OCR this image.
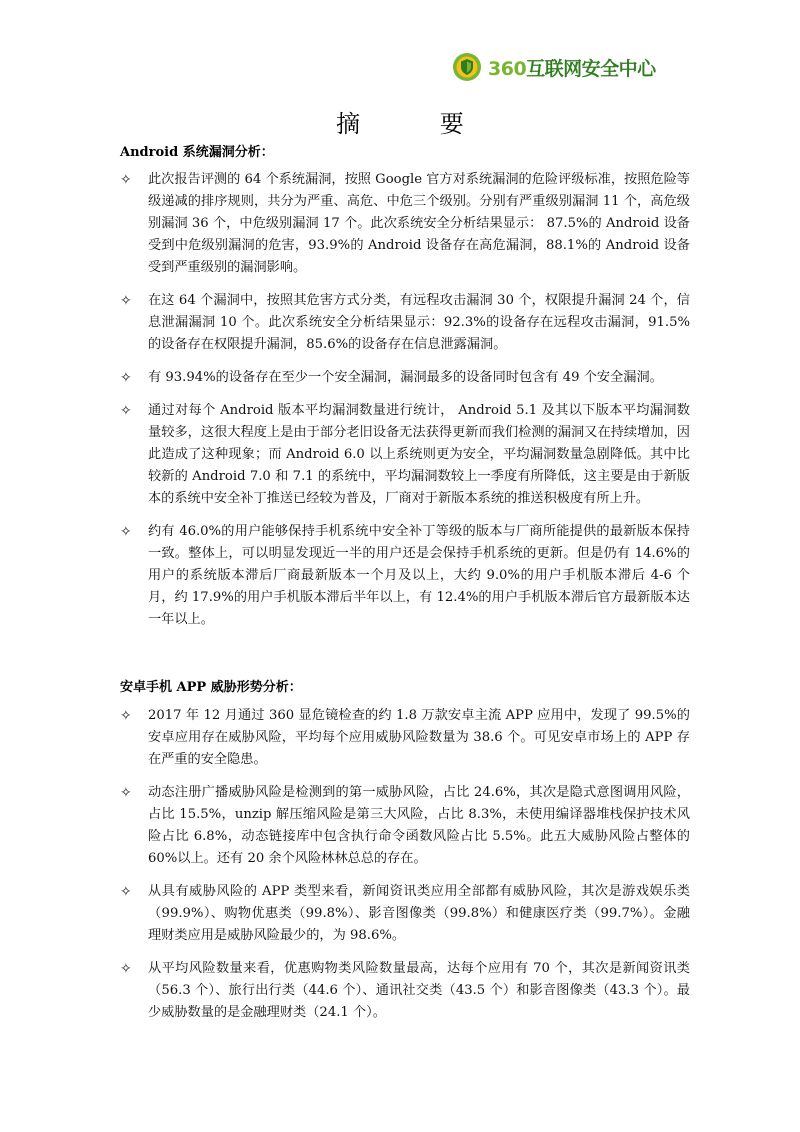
360互联网安全中心
摘 要
Android 系统漏洞分析：
✧ 此次报告评测的 64 个系统漏洞，按照 Google 官方对系统漏洞的危险评级标准，按照危险等级递减的排序规则，共分为严重、高危、中危三个级别。分别有严重级别漏洞 11 个，高危级别漏洞 36 个，中危级别漏洞 17 个。此次系统安全分析结果显示： 87.5%的 Android 设备受到中危级别漏洞的危害，93.9%的 Android 设备存在高危漏洞，88.1%的 Android 设备受到严重级别的漏洞影响。
✧ 在这 64 个漏洞中，按照其危害方式分类，有远程攻击漏洞 30 个，权限提升漏洞 24 个，信息泄漏漏洞 10 个。此次系统安全分析结果显示：92.3%的设备存在远程攻击漏洞，91.5%的设备存在权限提升漏洞，85.6%的设备存在信息泄露漏洞。
✧ 有 93.94%的设备存在至少一个安全漏洞，漏洞最多的设备同时包含有 49 个安全漏洞。
✧ 通过对每个 Android 版本平均漏洞数量进行统计， Android 5.1 及其以下版本平均漏洞数量较多，这很大程度上是由于部分老旧设备无法获得更新而我们检测的漏洞又在持续增加，因此造成了这种现象；而 Android 6.0 以上系统则更为安全，平均漏洞数量急剧降低。其中比较新的 Android 7.0 和 7.1 的系统中，平均漏洞数较上一季度有所降低，这主要是由于新版本的系统中安全补丁推送已经较为普及，厂商对于新版本系统的推送积极度有所上升。
✧ 约有 46.0%的用户能够保持手机系统中安全补丁等级的版本与厂商所能提供的最新版本保持一致。整体上，可以明显发现近一半的用户还是会保持手机系统的更新。但是仍有 14.6%的用户的系统版本滞后厂商最新版本一个月及以上，大约 9.0%的用户手机版本滞后 4-6 个月，约 17.9%的用户手机版本滞后半年以上，有 12.4%的用户手机版本滞后官方最新版本达一年以上。
安卓手机 APP 威胁形势分析：
✧ 2017 年 12 月通过 360 显危镜检查的约 1.8 万款安卓主流 APP 应用中，发现了 99.5%的安卓应用存在威胁风险，平均每个应用威胁风险数量为 38.6 个。可见安卓市场上的 APP 存在严重的安全隐患。
✧ 动态注册广播威胁风险是检测到的第一威胁风险，占比 24.6%，其次是隐式意图调用风险，占比 15.5%，unzip 解压缩风险是第三大风险，占比 8.3%，未使用编译器堆栈保护技术风险占比 6.8%，动态链接库中包含执行命令函数风险占比 5.5%。此五大威胁风险占整体的 60%以上。还有 20 余个风险林林总总的存在。
✧ 从具有威胁风险的 APP 类型来看，新闻资讯类应用全部都有威胁风险，其次是游戏娱乐类（99.9%）、购物优惠类（99.8%）、影音图像类（99.8%）和健康医疗类（99.7%）。金融理财类应用是威胁风险最少的，为 98.6%。
✧ 从平均风险数量来看，优惠购物类风险数量最高，达每个应用有 70 个，其次是新闻资讯类（56.3 个）、旅行出行类（44.6 个）、通讯社交类（43.5 个）和影音图像类（43.3 个）。最少威胁数量的是金融理财类（24.1 个）。
